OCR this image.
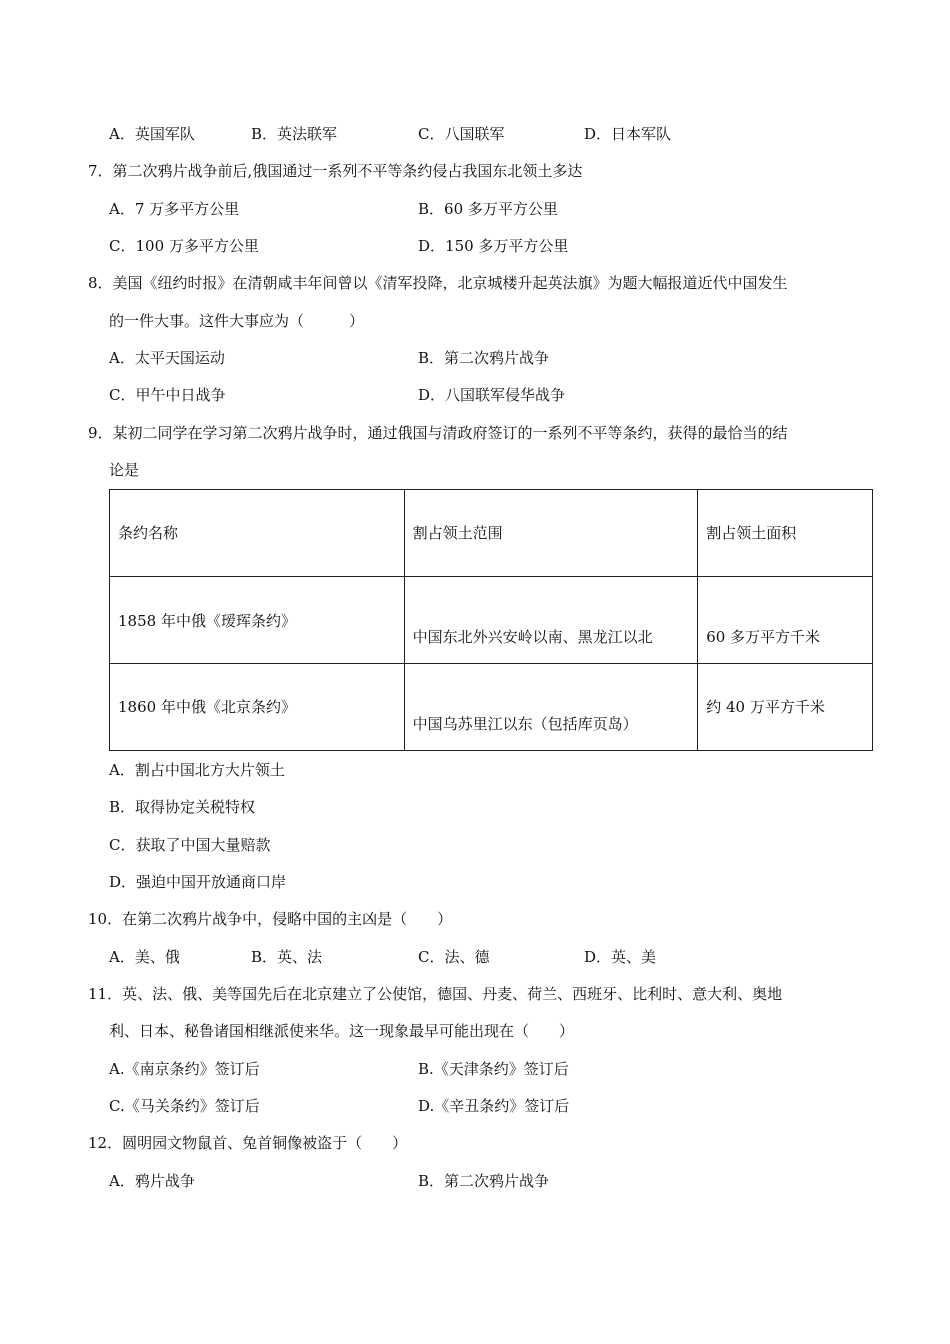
A．英国军队	B．英法联军	C．八国联军	D．日本军队
7．第二次鸦片战争前后,俄国通过一系列不平等条约侵占我国东北领土多达
A．7 万多平方公里	B．60 多万平方公里
C．100 万多平方公里	D．150 多万平方公里
8．美国《纽约时报》在清朝咸丰年间曾以《清军投降，北京城楼升起英法旗》为题大幅报道近代中国发生
的一件大事。这件大事应为（　　　）
A．太平天国运动	B．第二次鸦片战争
C．甲午中日战争	D．八国联军侵华战争
9．某初二同学在学习第二次鸦片战争时，通过俄国与清政府签订的一系列不平等条约，获得的最恰当的结
论是
条约名称	割占领土范围	割占领土面积

1858 年中俄《瑷珲条约》	中国东北外兴安岭以南、黑龙江以北	60 多万平方千米

1860 年中俄《北京条约》	中国乌苏里江以东（包括库页岛）	约 40 万平方千米
A．割占中国北方大片领土
B．取得协定关税特权
C．获取了中国大量赔款
D．强迫中国开放通商口岸
10．在第二次鸦片战争中，侵略中国的主凶是（　　）
A．美、俄	B．英、法	C．法、德	D．英、美
11．英、法、俄、美等国先后在北京建立了公使馆，德国、丹麦、荷兰、西班牙、比利时、意大利、奥地
利、日本、秘鲁诸国相继派使来华。这一现象最早可能出现在（　　）
A.《南京条约》签订后	B.《天津条约》签订后
C.《马关条约》签订后	D.《辛丑条约》签订后
12．圆明园文物鼠首、兔首铜像被盗于（　　）
A．鸦片战争	B．第二次鸦片战争
